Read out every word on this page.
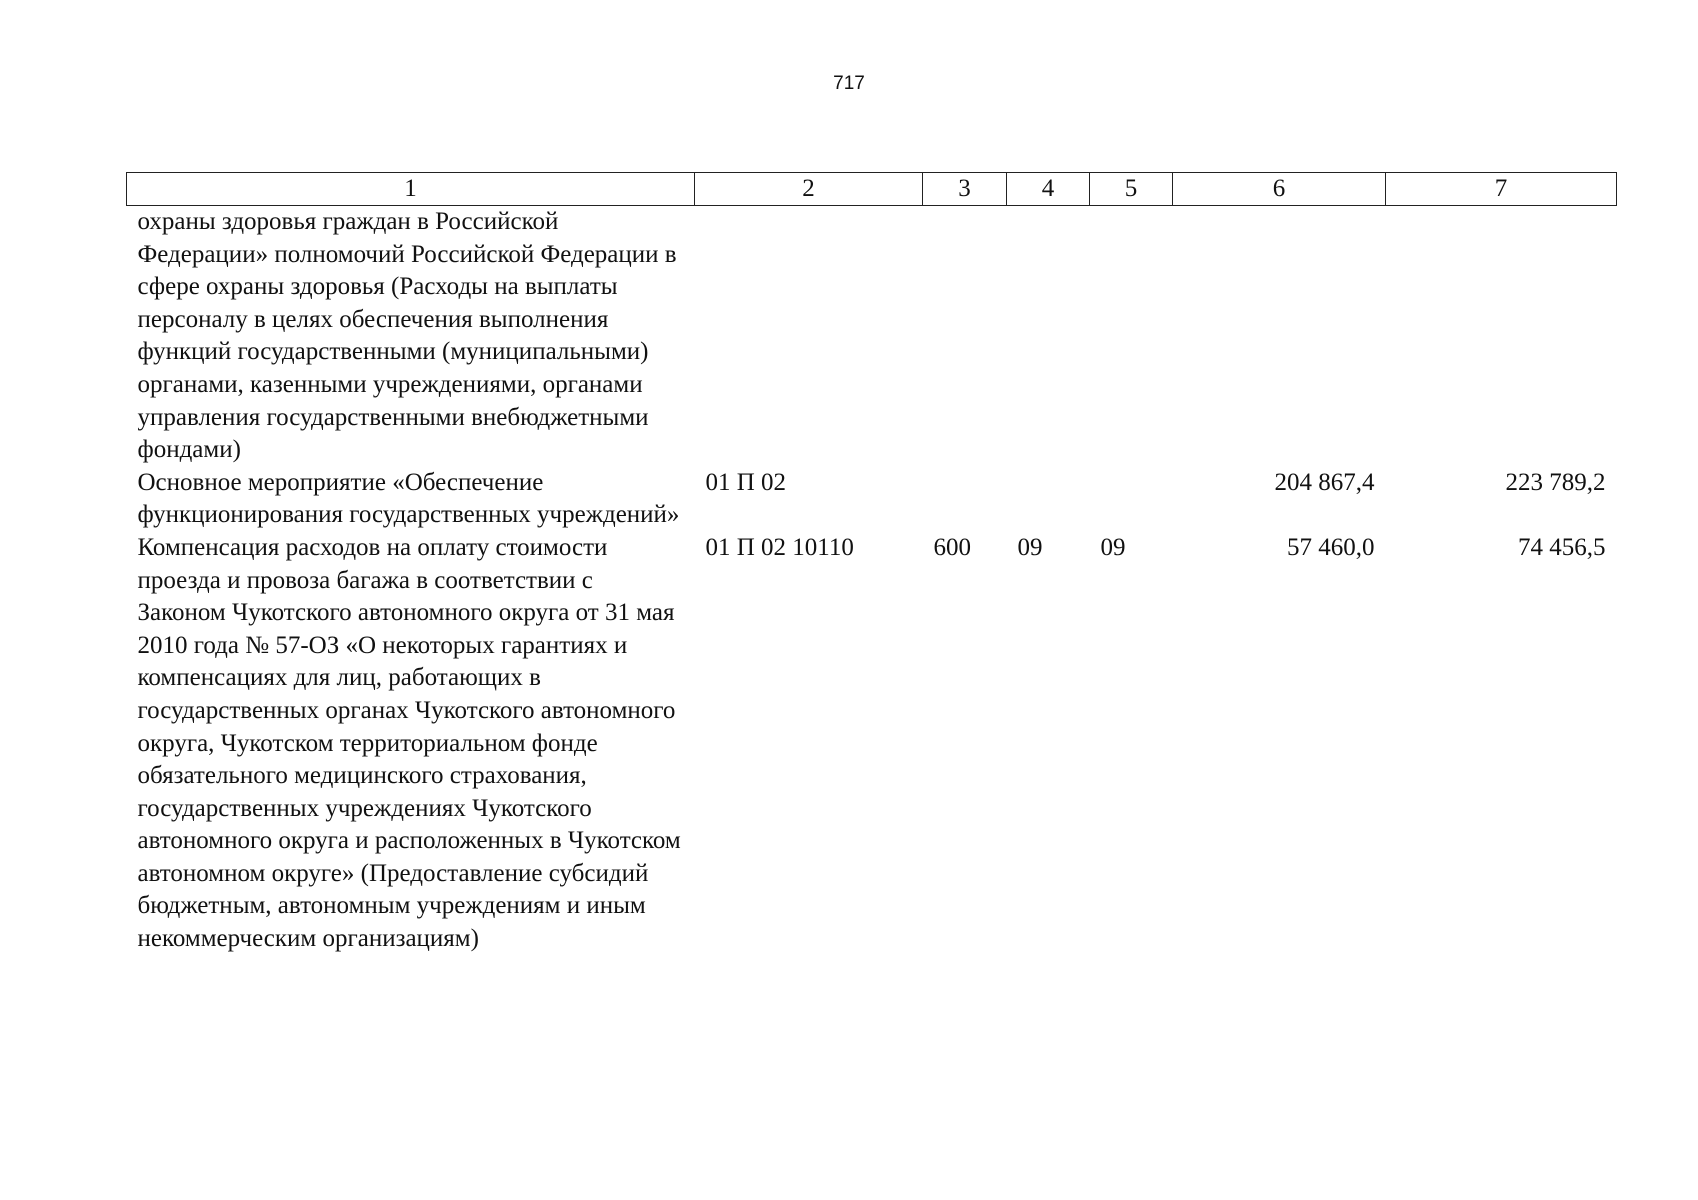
717
1	2	3	4	5	6	7
охраны здоровья граждан в Российской Федерации» полномочий Российской Федерации в сфере охраны здоровья (Расходы на выплаты персоналу в целях обеспечения выполнения функций государственными (муниципальными) органами, казенными учреждениями, органами управления государственными внебюджетными фондами)						
Основное мероприятие «Обеспечение функционирования государственных учреждений»	01 П 02				204 867,4	223 789,2
Компенсация расходов на оплату стоимости проезда и провоза багажа в соответствии с Законом Чукотского автономного округа от 31 мая 2010 года № 57-ОЗ «О некоторых гарантиях и компенсациях для лиц, работающих в государственных органах Чукотского автономного округа, Чукотском территориальном фонде обязательного медицинского страхования, государственных учреждениях Чукотского автономного округа и расположенных в Чукотском автономном округе» (Предоставление субсидий бюджетным, автономным учреждениям и иным некоммерческим организациям)	01 П 02 10110	600	09	09	57 460,0	74 456,5
